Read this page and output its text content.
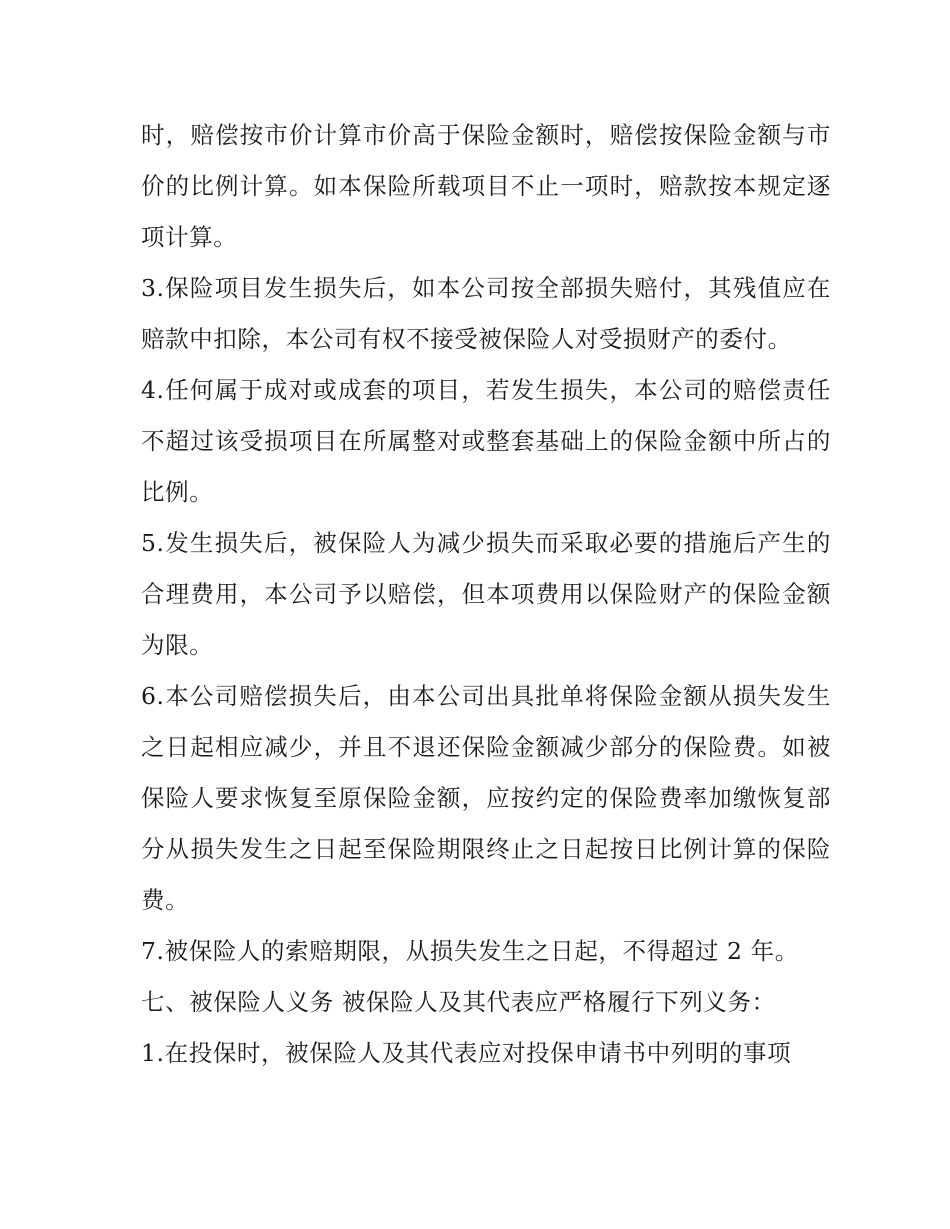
时，赔偿按市价计算市价高于保险金额时，赔偿按保险金额与市价的比例计算。如本保险所载项目不止一项时，赔款按本规定逐项计算。

3.保险项目发生损失后，如本公司按全部损失赔付，其残值应在赔款中扣除，本公司有权不接受被保险人对受损财产的委付。

4.任何属于成对或成套的项目，若发生损失，本公司的赔偿责任不超过该受损项目在所属整对或整套基础上的保险金额中所占的比例。

5.发生损失后，被保险人为减少损失而采取必要的措施后产生的合理费用，本公司予以赔偿，但本项费用以保险财产的保险金额为限。

6.本公司赔偿损失后，由本公司出具批单将保险金额从损失发生之日起相应减少，并且不退还保险金额减少部分的保险费。如被保险人要求恢复至原保险金额，应按约定的保险费率加缴恢复部分从损失发生之日起至保险期限终止之日起按日比例计算的保险费。

7.被保险人的索赔期限，从损失发生之日起，不得超过 2 年。

七、被保险人义务 被保险人及其代表应严格履行下列义务：

1.在投保时，被保险人及其代表应对投保申请书中列明的事项
